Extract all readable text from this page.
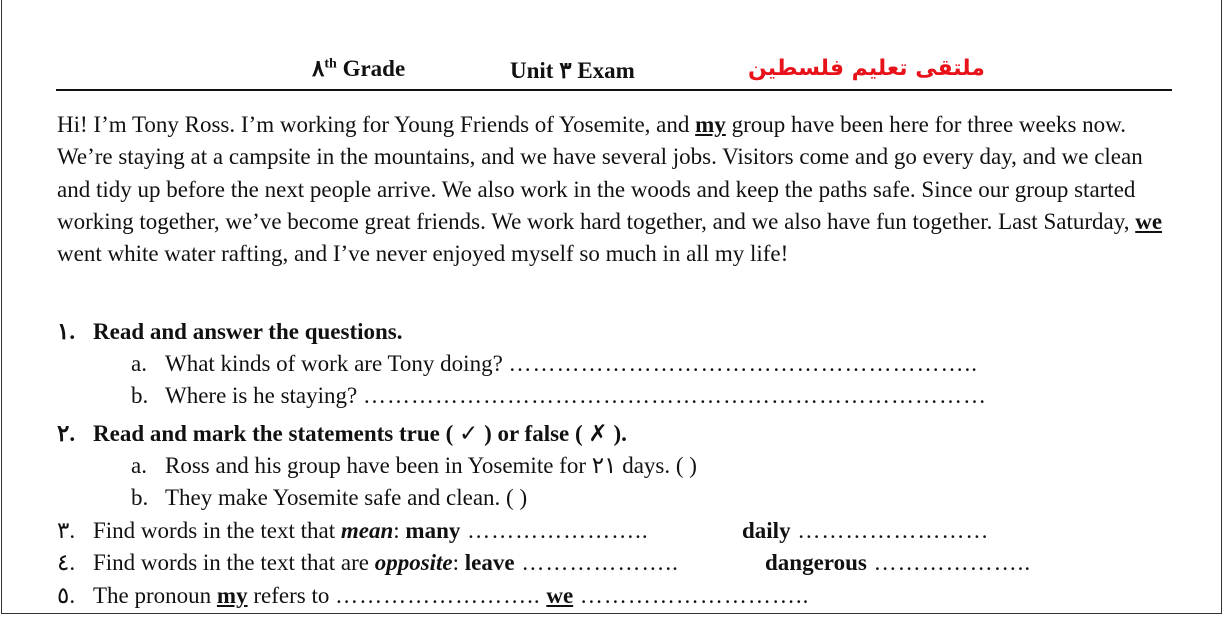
٨th Grade	Unit ٣ Exam	ملتقى تعليم فلسطين
Hi! I’m Tony Ross. I’m working for Young Friends of Yosemite, and my group have been here for three weeks now. We’re staying at a campsite in the mountains, and we have several jobs. Visitors come and go every day, and we clean and tidy up before the next people arrive. We also work in the woods and keep the paths safe. Since our group started working together, we’ve become great friends. We work hard together, and we also have fun together. Last Saturday, we went white water rafting, and I’ve never enjoyed myself so much in all my life!
١. Read and answer the questions.
a. What kinds of work are Tony doing? …………………………………………………..
b. Where is he staying? ……………………………………………………………………
٢. Read and mark the statements true ( ✓ ) or false ( ✗ ).
a. Ross and his group have been in Yosemite for ٢١ days. ( )
b. They make Yosemite safe and clean. ( )
٣. Find words in the text that mean: many …………………..	daily ……………………
٤. Find words in the text that are opposite: leave ………………..	dangerous ………………..
٥. The pronoun my refers to …………………….. we ………………………..
